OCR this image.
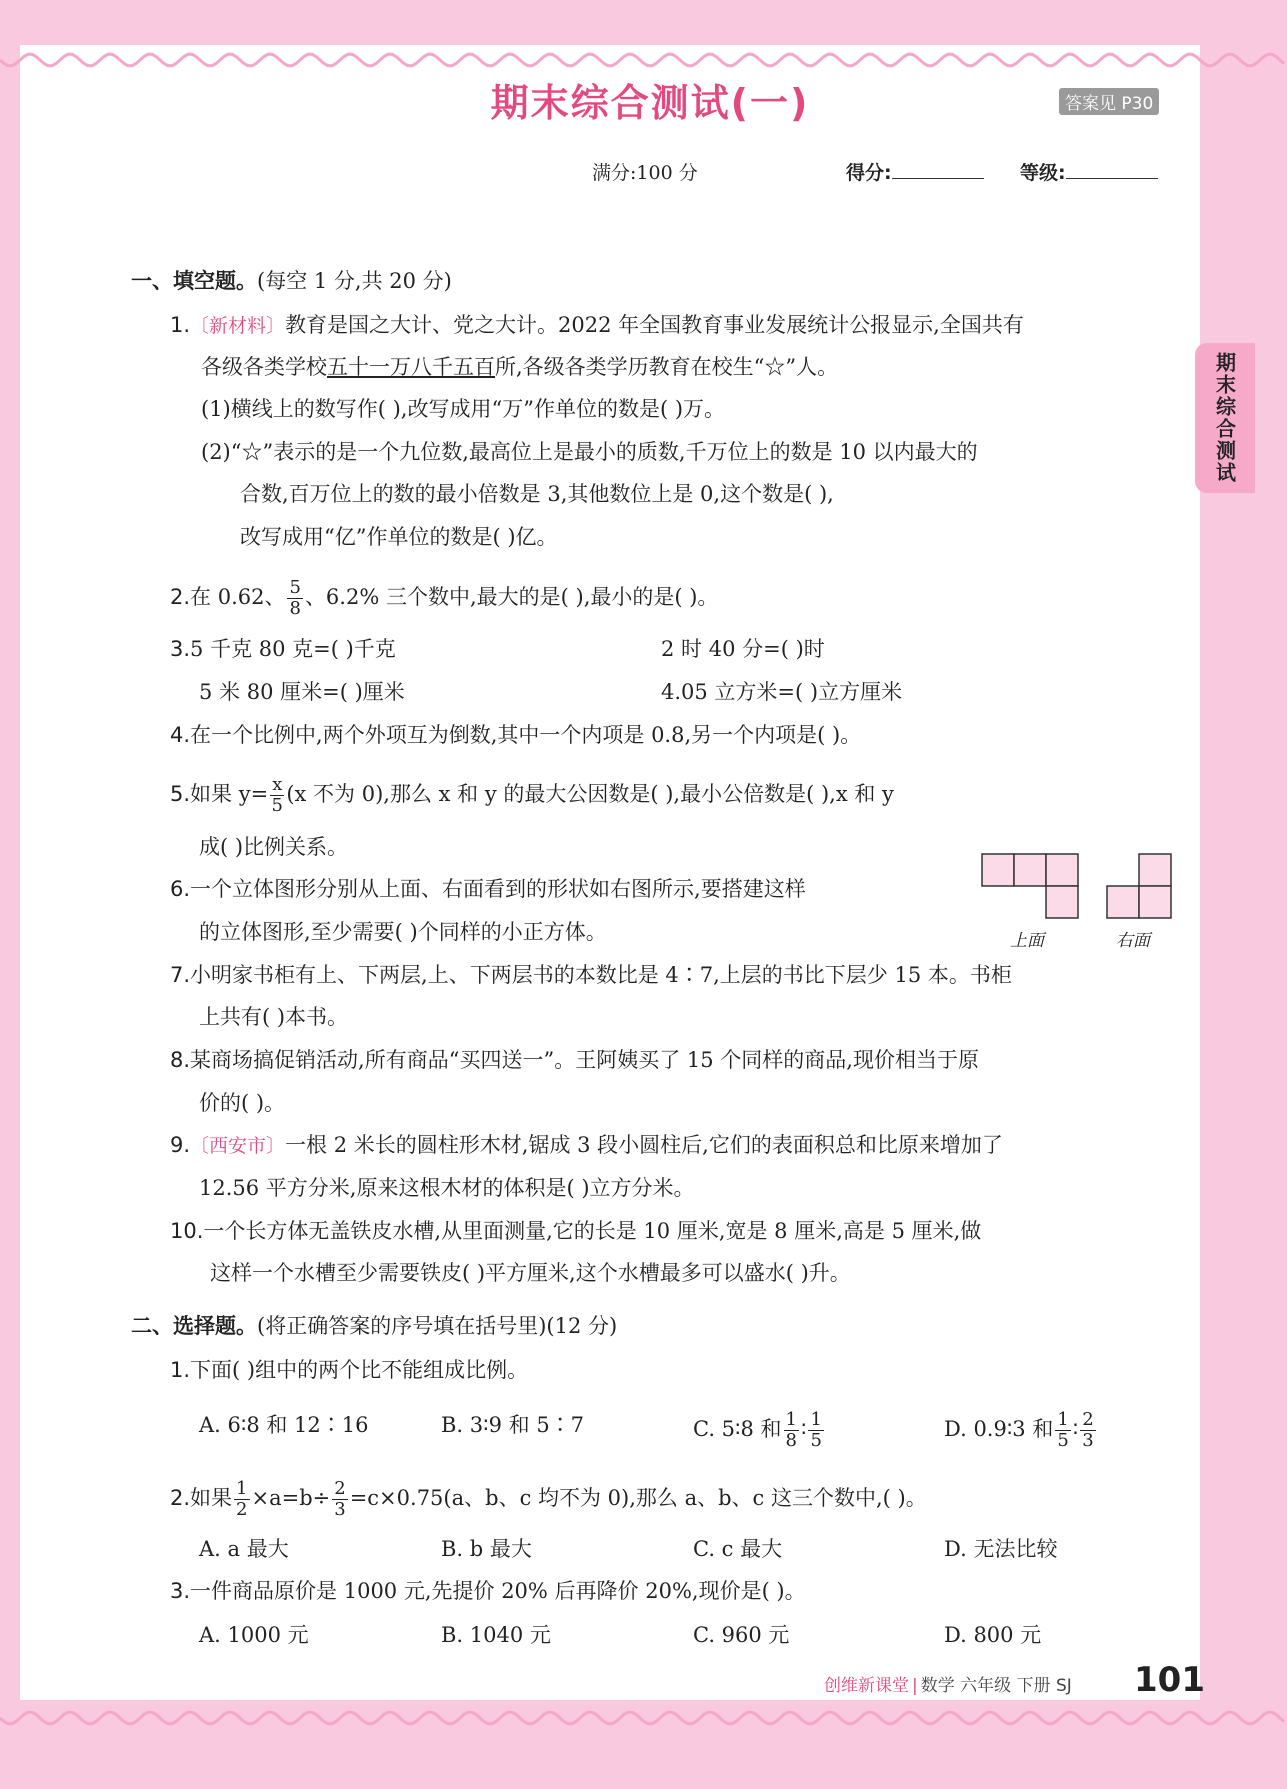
期末综合测试(一)	答案见 P30
满分:100 分	得分:	等级:
期末综合测试
一、填空题。(每空 1 分,共 20 分)
1.〔新材料〕教育是国之大计、党之大计。2022 年全国教育事业发展统计公报显示,全国共有
各级各类学校五十一万八千五百所,各级各类学历教育在校生“☆”人。
(1)横线上的数写作( ),改写成用“万”作单位的数是( )万。
(2)“☆”表示的是一个九位数,最高位上是最小的质数,千万位上的数是 10 以内最大的
合数,百万位上的数的最小倍数是 3,其他数位上是 0,这个数是( ),
改写成用“亿”作单位的数是( )亿。
2.在 0.62、 $\frac{5}{8}$ 、6.2% 三个数中,最大的是( ),最小的是( )。
3.5 千克 80 克=( )千克	2 时 40 分=( )时
5 米 80 厘米=( )厘米	4.05 立方米=( )立方厘米
4.在一个比例中,两个外项互为倒数,其中一个内项是 0.8,另一个内项是( )。
5.如果 $y= \frac{x}{5} (x$ 不为 0),那么 x 和 y 的最大公因数是( ),最小公倍数是( ),x 和 y
成( )比例关系。
6.一个立体图形分别从上面、右面看到的形状如右图所示,要搭建这样
的立体图形,至少需要( )个同样的小正方体。	上面	右面
7.小明家书柜有上、下两层,上、下两层书的本数比是 4∶7,上层的书比下层少 15 本。书柜
上共有( )本书。
8.某商场搞促销活动,所有商品“买四送一”。王阿姨买了 15 个同样的商品,现价相当于原
价的( )。
9.〔西安市〕一根 2 米长的圆柱形木材,锯成 3 段小圆柱后,它们的表面积总和比原来增加了
12.56 平方分米,原来这根木材的体积是( )立方分米。
10.一个长方体无盖铁皮水槽,从里面测量,它的长是 10 厘米,宽是 8 厘米,高是 5 厘米,做
这样一个水槽至少需要铁皮( )平方厘米,这个水槽最多可以盛水( )升。
二、选择题。(将正确答案的序号填在括号里)(12 分)
1.下面( )组中的两个比不能组成比例。
A. 6∶8 和 12∶16	B. 3∶9 和 5∶7	C. 5∶8 和 $\frac{1}{8}$ ∶ $\frac{1}{5}$	D. 0.9∶3 和 $\frac{1}{5}$ ∶ $\frac{2}{3}$
2.如果 $\frac{1}{2} \times a=b\div \frac{2}{3} =c\times 0.75(a$、b、c 均不为 0),那么 a、b、c 这三个数中,( )。
A. a 最大	B. b 最大	C. c 最大	D. 无法比较
3.一件商品原价是 1000 元,先提价 20% 后再降价 20%,现价是( )。
A. 1000 元	B. 1040 元	C. 960 元	D. 800 元
创维新课堂 | 数学 六年级 下册 SJ 101
